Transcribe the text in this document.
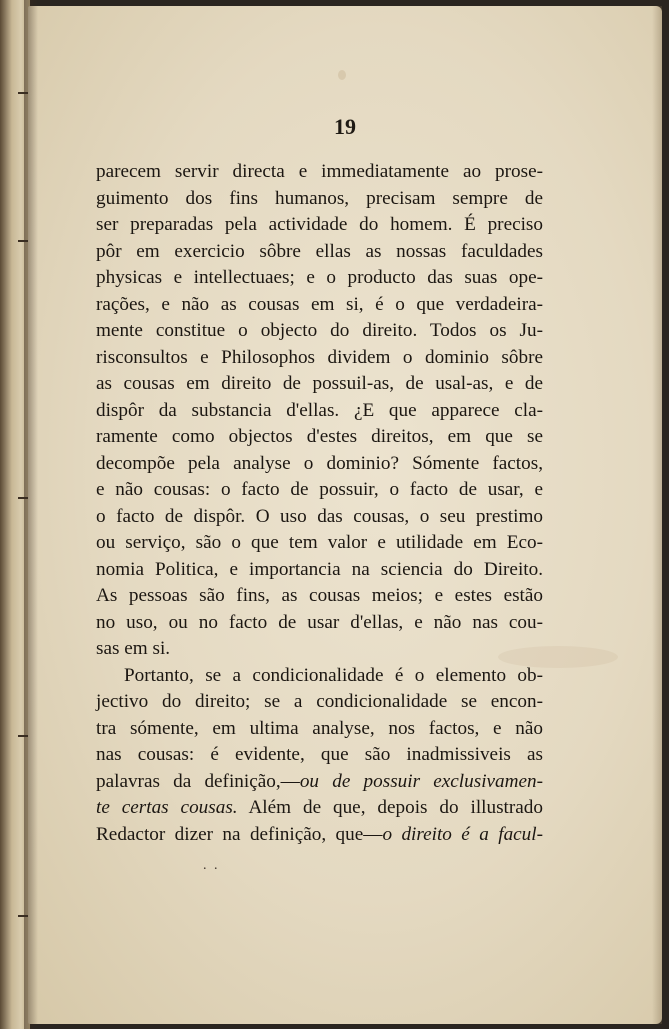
19

parecem servir directa e immediatamente ao prose-
guimento dos fins humanos, precisam sempre de
ser preparadas pela actividade do homem. É preciso
pôr em exercicio sôbre ellas as nossas faculdades
physicas e intellectuaes; e o producto das suas ope-
rações, e não as cousas em si, é o que verdadeira-
mente constitue o objecto do direito. Todos os Ju-
risconsultos e Philosophos dividem o dominio sôbre
as cousas em direito de possuil-as, de usal-as, e de
dispôr da substancia d'ellas. ¿E que apparece cla-
ramente como objectos d'estes direitos, em que se
decompõe pela analyse o dominio? Sómente factos,
e não cousas: o facto de possuir, o facto de usar, e
o facto de dispôr. O uso das cousas, o seu prestimo
ou serviço, são o que tem valor e utilidade em Eco-
nomia Politica, e importancia na sciencia do Direito.
As pessoas são fins, as cousas meios; e estes estão
no uso, ou no facto de usar d'ellas, e não nas cou-
sas em si.

Portanto, se a condicionalidade é o elemento ob-
jectivo do direito; se a condicionalidade se encon-
tra sómente, em ultima analyse, nos factos, e não
nas cousas: é evidente, que são inadmissiveis as
palavras da definição,—ou de possuir exclusivamen-
te certas cousas. Além de que, depois do illustrado
Redactor dizer na definição, que—o direito é a facul-

. .
